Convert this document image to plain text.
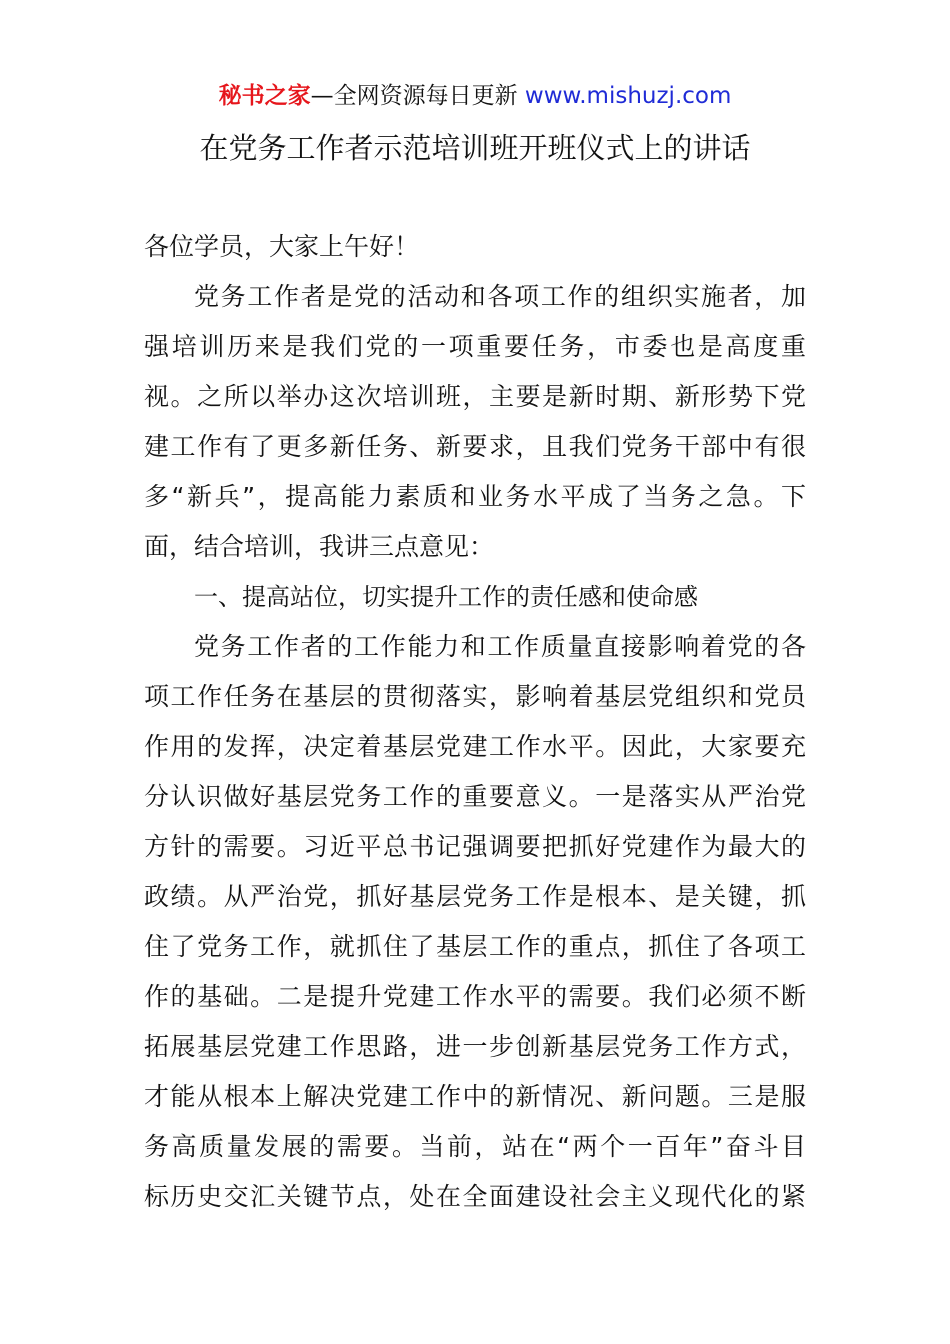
秘书之家—全网资源每日更新 www.mishuzj.com
在党务工作者示范培训班开班仪式上的讲话
各位学员，大家上午好！
党务工作者是党的活动和各项工作的组织实施者，加
强培训历来是我们党的一项重要任务，市委也是高度重
视。之所以举办这次培训班，主要是新时期、新形势下党
建工作有了更多新任务、新要求，且我们党务干部中有很
多“新兵”，提高能力素质和业务水平成了当务之急。下
面，结合培训，我讲三点意见：
一、提高站位，切实提升工作的责任感和使命感
党务工作者的工作能力和工作质量直接影响着党的各
项工作任务在基层的贯彻落实，影响着基层党组织和党员
作用的发挥，决定着基层党建工作水平。因此，大家要充
分认识做好基层党务工作的重要意义。一是落实从严治党
方针的需要。习近平总书记强调要把抓好党建作为最大的
政绩。从严治党，抓好基层党务工作是根本、是关键，抓
住了党务工作，就抓住了基层工作的重点，抓住了各项工
作的基础。二是提升党建工作水平的需要。我们必须不断
拓展基层党建工作思路，进一步创新基层党务工作方式，
才能从根本上解决党建工作中的新情况、新问题。三是服
务高质量发展的需要。当前，站在“两个一百年”奋斗目
标历史交汇关键节点，处在全面建设社会主义现代化的紧
